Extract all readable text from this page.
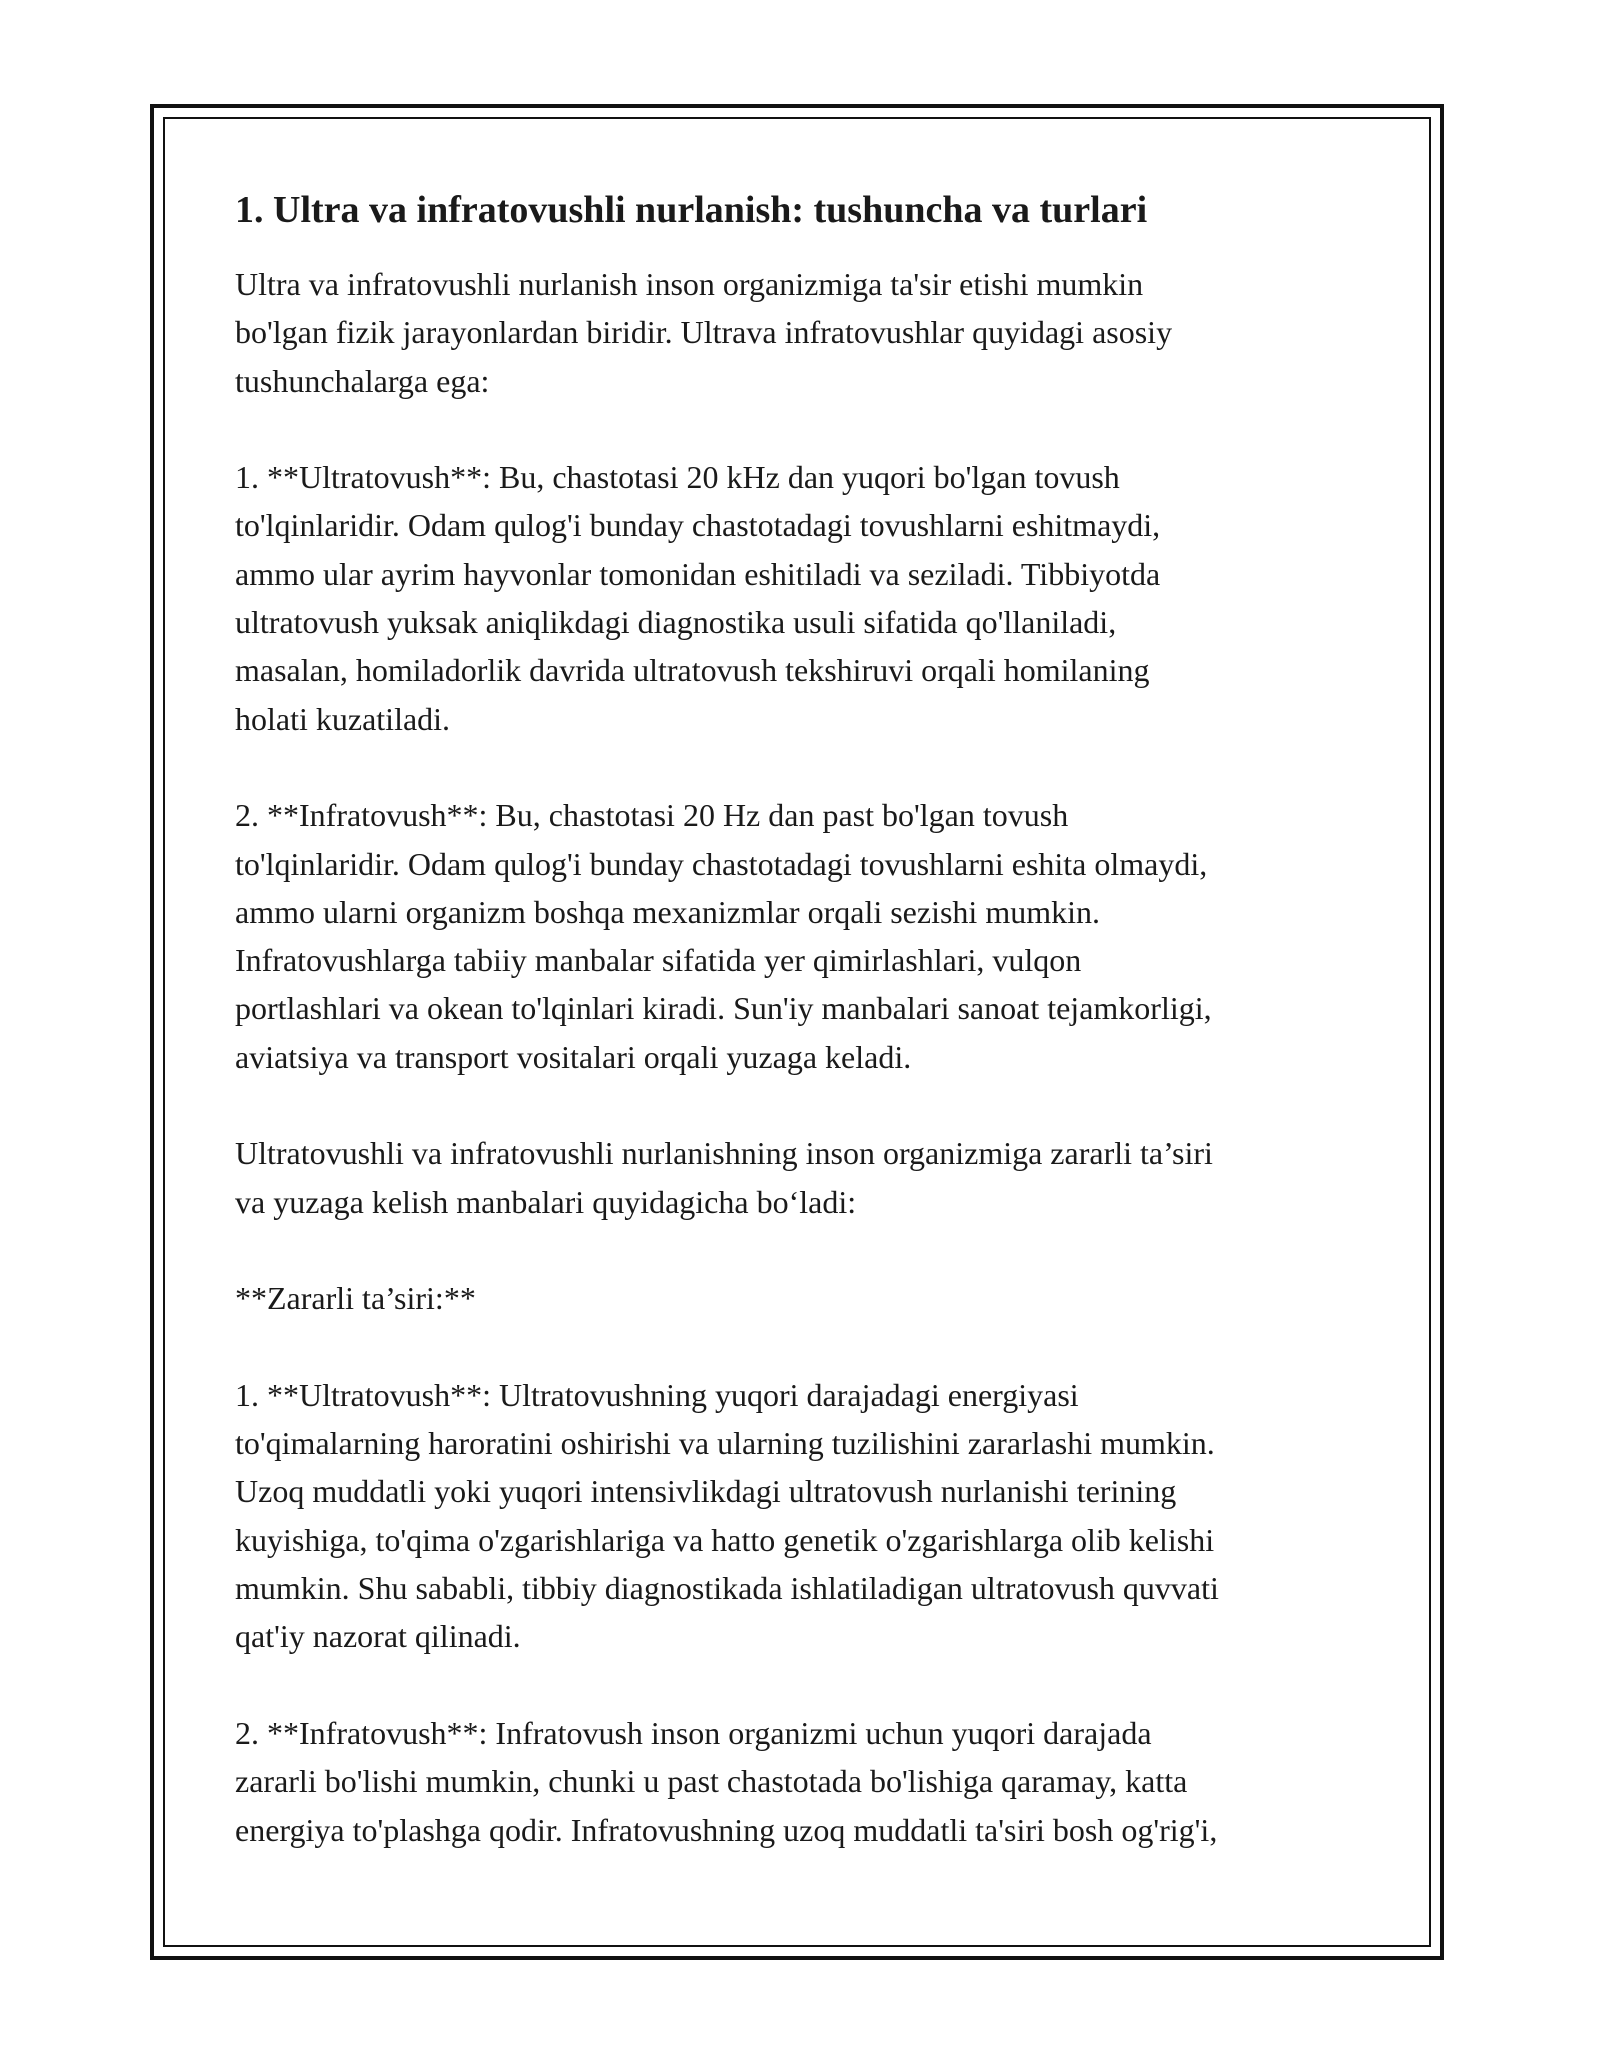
1. Ultra va infratovushli nurlanish: tushuncha va turlari
Ultra va infratovushli nurlanish inson organizmiga ta'sir etishi mumkin
bo'lgan fizik jarayonlardan biridir. Ultrava infratovushlar quyidagi asosiy
tushunchalarga ega:
1. **Ultratovush**: Bu, chastotasi 20 kHz dan yuqori bo'lgan tovush
to'lqinlaridir. Odam qulog'i bunday chastotadagi tovushlarni eshitmaydi,
ammo ular ayrim hayvonlar tomonidan eshitiladi va seziladi. Tibbiyotda
ultratovush yuksak aniqlikdagi diagnostika usuli sifatida qo'llaniladi,
masalan, homiladorlik davrida ultratovush tekshiruvi orqali homilaning
holati kuzatiladi.
2. **Infratovush**: Bu, chastotasi 20 Hz dan past bo'lgan tovush
to'lqinlaridir. Odam qulog'i bunday chastotadagi tovushlarni eshita olmaydi,
ammo ularni organizm boshqa mexanizmlar orqali sezishi mumkin.
Infratovushlarga tabiiy manbalar sifatida yer qimirlashlari, vulqon
portlashlari va okean to'lqinlari kiradi. Sun'iy manbalari sanoat tejamkorligi,
aviatsiya va transport vositalari orqali yuzaga keladi.
Ultratovushli va infratovushli nurlanishning inson organizmiga zararli ta’siri
va yuzaga kelish manbalari quyidagicha bo‘ladi:
**Zararli ta’siri:**
1. **Ultratovush**: Ultratovushning yuqori darajadagi energiyasi
to'qimalarning haroratini oshirishi va ularning tuzilishini zararlashi mumkin.
Uzoq muddatli yoki yuqori intensivlikdagi ultratovush nurlanishi terining
kuyishiga, to'qima o'zgarishlariga va hatto genetik o'zgarishlarga olib kelishi
mumkin. Shu sababli, tibbiy diagnostikada ishlatiladigan ultratovush quvvati
qat'iy nazorat qilinadi.
2. **Infratovush**: Infratovush inson organizmi uchun yuqori darajada
zararli bo'lishi mumkin, chunki u past chastotada bo'lishiga qaramay, katta
energiya to'plashga qodir. Infratovushning uzoq muddatli ta'siri bosh og'rig'i,
